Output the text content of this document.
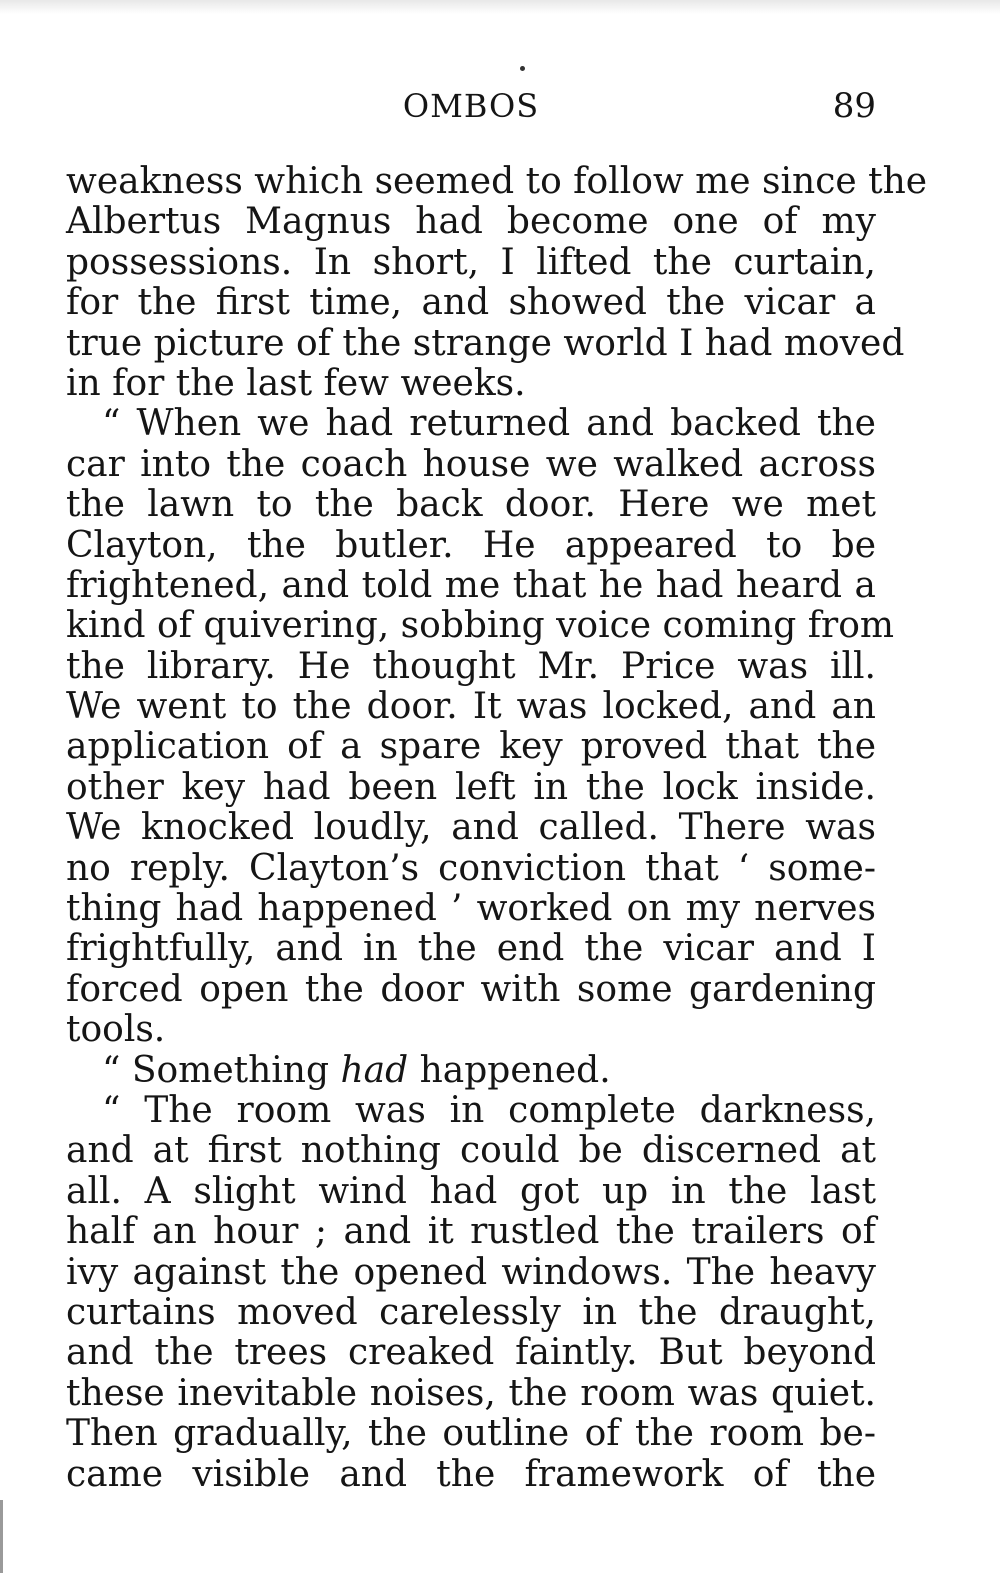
OMBOS	89
weakness which seemed to follow me since the
Albertus Magnus had become one of my
possessions. In short, I lifted the curtain,
for the first time, and showed the vicar a
true picture of the strange world I had moved
in for the last few weeks.
“ When we had returned and backed the
car into the coach house we walked across
the lawn to the back door. Here we met
Clayton, the butler. He appeared to be
frightened, and told me that he had heard a
kind of quivering, sobbing voice coming from
the library. He thought Mr. Price was ill.
We went to the door. It was locked, and an
application of a spare key proved that the
other key had been left in the lock inside.
We knocked loudly, and called. There was
no reply. Clayton’s conviction that ‘ some-
thing had happened ’ worked on my nerves
frightfully, and in the end the vicar and I
forced open the door with some gardening
tools.
“ Something had happened.
“ The room was in complete darkness,
and at first nothing could be discerned at
all. A slight wind had got up in the last
half an hour ; and it rustled the trailers of
ivy against the opened windows. The heavy
curtains moved carelessly in the draught,
and the trees creaked faintly. But beyond
these inevitable noises, the room was quiet.
Then gradually, the outline of the room be-
came visible and the framework of the
